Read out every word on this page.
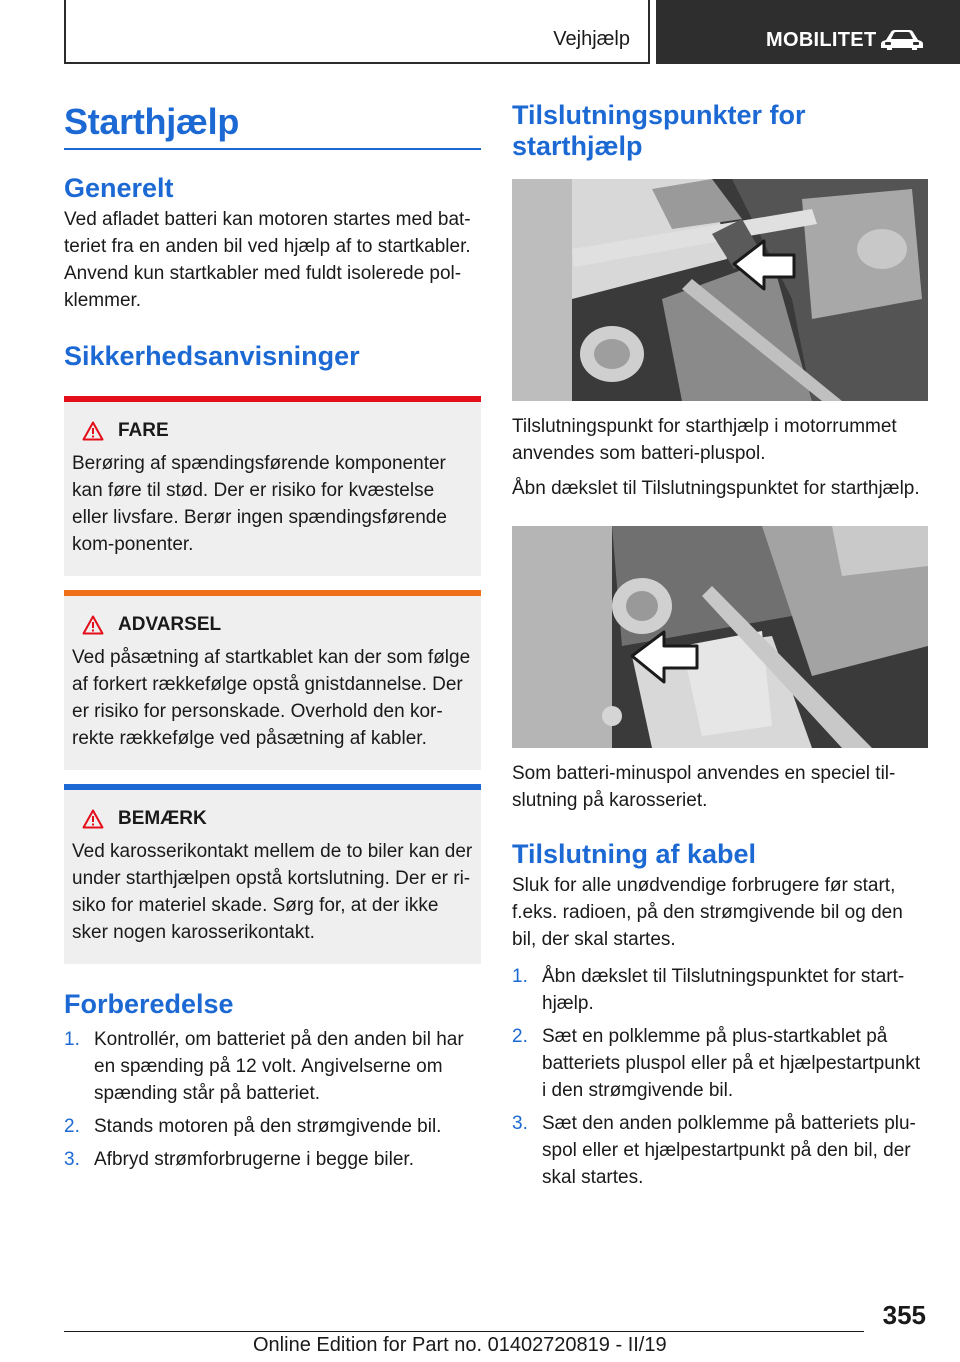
Vejhjælp	MOBILITET
Starthjælp
Generelt

Ved afladet batteri kan motoren startes med bat-teriet fra en anden bil ved hjælp af to startkabler. Anvend kun startkabler med fuldt isolerede pol-klemmer.

Sikkerhedsanvisninger
FARE

Berøring af spændingsførende komponenter kan føre til stød. Der er risiko for kvæstelse eller livsfare. Berør ingen spændingsførende kom-ponenter.

ADVARSEL

Ved påsætning af startkablet kan der som følge af forkert rækkefølge opstå gnistdannelse. Der er risiko for personskade. Overhold den kor-rekte rækkefølge ved påsætning af kabler.

BEMÆRK

Ved karosserikontakt mellem de to biler kan der under starthjælpen opstå kortslutning. Der er ri-siko for materiel skade. Sørg for, at der ikke sker nogen karosserikontakt.

Forberedelse
1. Kontrollér, om batteriet på den anden bil har en spænding på 12 volt. Angivelserne om spænding står på batteriet.
2. Stands motoren på den strømgivende bil.
3. Afbryd strømforbrugerne i begge biler.
Tilslutningspunkter for starthjælp

Tilslutningspunkt for starthjælp i motorrummet anvendes som batteri-pluspol.

Åbn dækslet til Tilslutningspunktet for starthjælp.

Som batteri-minuspol anvendes en speciel til-slutning på karosseriet.

Tilslutning af kabel

Sluk for alle unødvendige forbrugere før start, f.eks. radioen, på den strømgivende bil og den bil, der skal startes.

1. Åbn dækslet til Tilslutningspunktet for start-hjælp.
2. Sæt en polklemme på plus-startkablet på batteriets pluspol eller på et hjælpestartpunkt i den strømgivende bil.
3. Sæt den anden polklemme på batteriets plu-spol eller et hjælpestartpunkt på den bil, der skal startes.
355
Online Edition for Part no. 01402720819 - II/19
